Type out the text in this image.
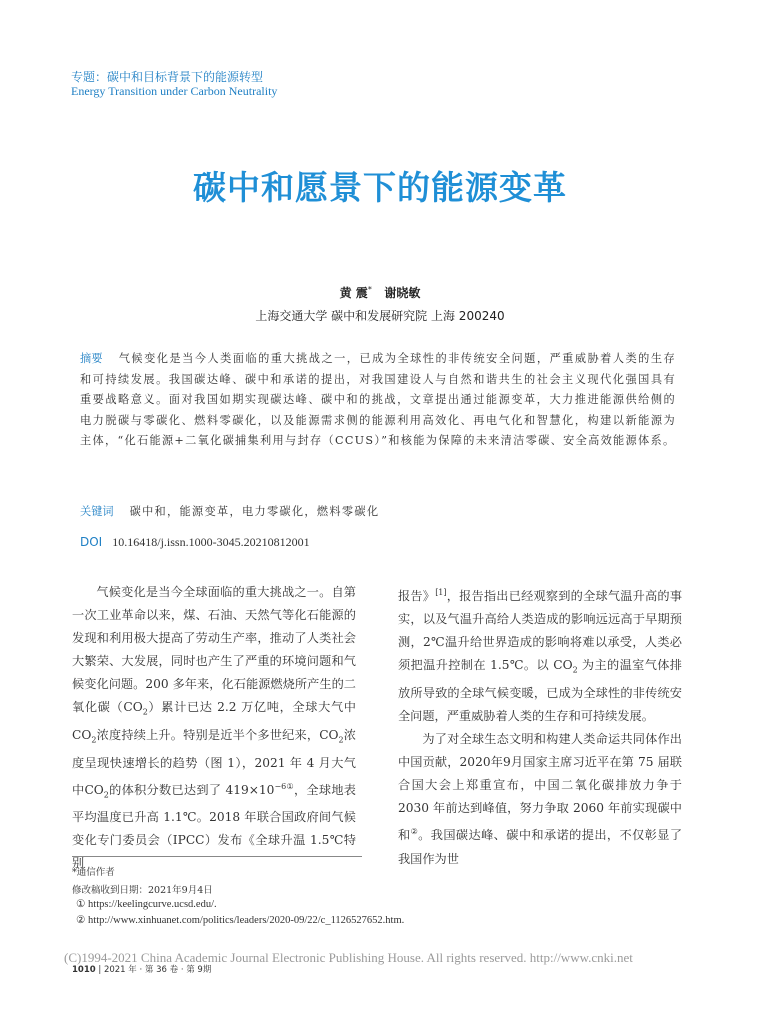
专题：碳中和目标背景下的能源转型
Energy Transition under Carbon Neutrality
碳中和愿景下的能源变革
黄 震* 谢晓敏
上海交通大学 碳中和发展研究院 上海 200240
摘要 气候变化是当今人类面临的重大挑战之一，已成为全球性的非传统安全问题，严重威胁着人类的生存和可持续发展。我国碳达峰、碳中和承诺的提出，对我国建设人与自然和谐共生的社会主义现代化强国具有重要战略意义。面对我国如期实现碳达峰、碳中和的挑战，文章提出通过能源变革，大力推进能源供给侧的电力脱碳与零碳化、燃料零碳化，以及能源需求侧的能源利用高效化、再电气化和智慧化，构建以新能源为主体，“化石能源+二氧化碳捕集利用与封存（CCUS）”和核能为保障的未来清洁零碳、安全高效能源体系。
关键词 碳中和，能源变革，电力零碳化，燃料零碳化
DOI 10.16418/j.issn.1000-3045.20210812001

气候变化是当今全球面临的重大挑战之一。自第一次工业革命以来，煤、石油、天然气等化石能源的发现和利用极大提高了劳动生产率，推动了人类社会大繁荣、大发展，同时也产生了严重的环境问题和气候变化问题。200 多年来，化石能源燃烧所产生的二氧化碳$(CO_2)$累计已达 2.2 万亿吨，全球大气中$CO_2$浓度持续上升。特别是近半个多世纪来，$CO_2$浓度呈现快速增长的趋势（图 1），2021 年 4 月大气中$CO_2$的体积分数已达到了 $419\times 10^{-6①}$，全球地表平均温度已升高 1.1℃。2018 年联合国政府间气候变化专门委员会（IPCC）发布《全球升温 1.5℃特别

报告》[1]，报告指出已经观察到的全球气温升高的事实，以及气温升高给人类造成的影响远远高于早期预测，2℃温升给世界造成的影响将难以承受，人类必须把温升控制在 1.5℃。以 $CO_2$ 为主的温室气体排放所导致的全球气候变暖，已成为全球性的非传统安全问题，严重威胁着人类的生存和可持续发展。

为了对全球生态文明和构建人类命运共同体作出中国贡献，2020年9月国家主席习近平在第 75 届联合国大会上郑重宣布，中国二氧化碳排放力争于 2030 年前达到峰值，努力争取 2060 年前实现碳中和②。我国碳达峰、碳中和承诺的提出，不仅彰显了我国作为世

*通信作者
修改稿收到日期：2021年9月4日
① https://keelingcurve.ucsd.edu/.
② http://www.xinhuanet.com/politics/leaders/2020-09/22/c_1126527652.htm.
(C)1994-2021 China Academic Journal Electronic Publishing House. All rights reserved. http://www.cnki.net
1010 | 2021 年 · 第 36 卷 · 第 9期
